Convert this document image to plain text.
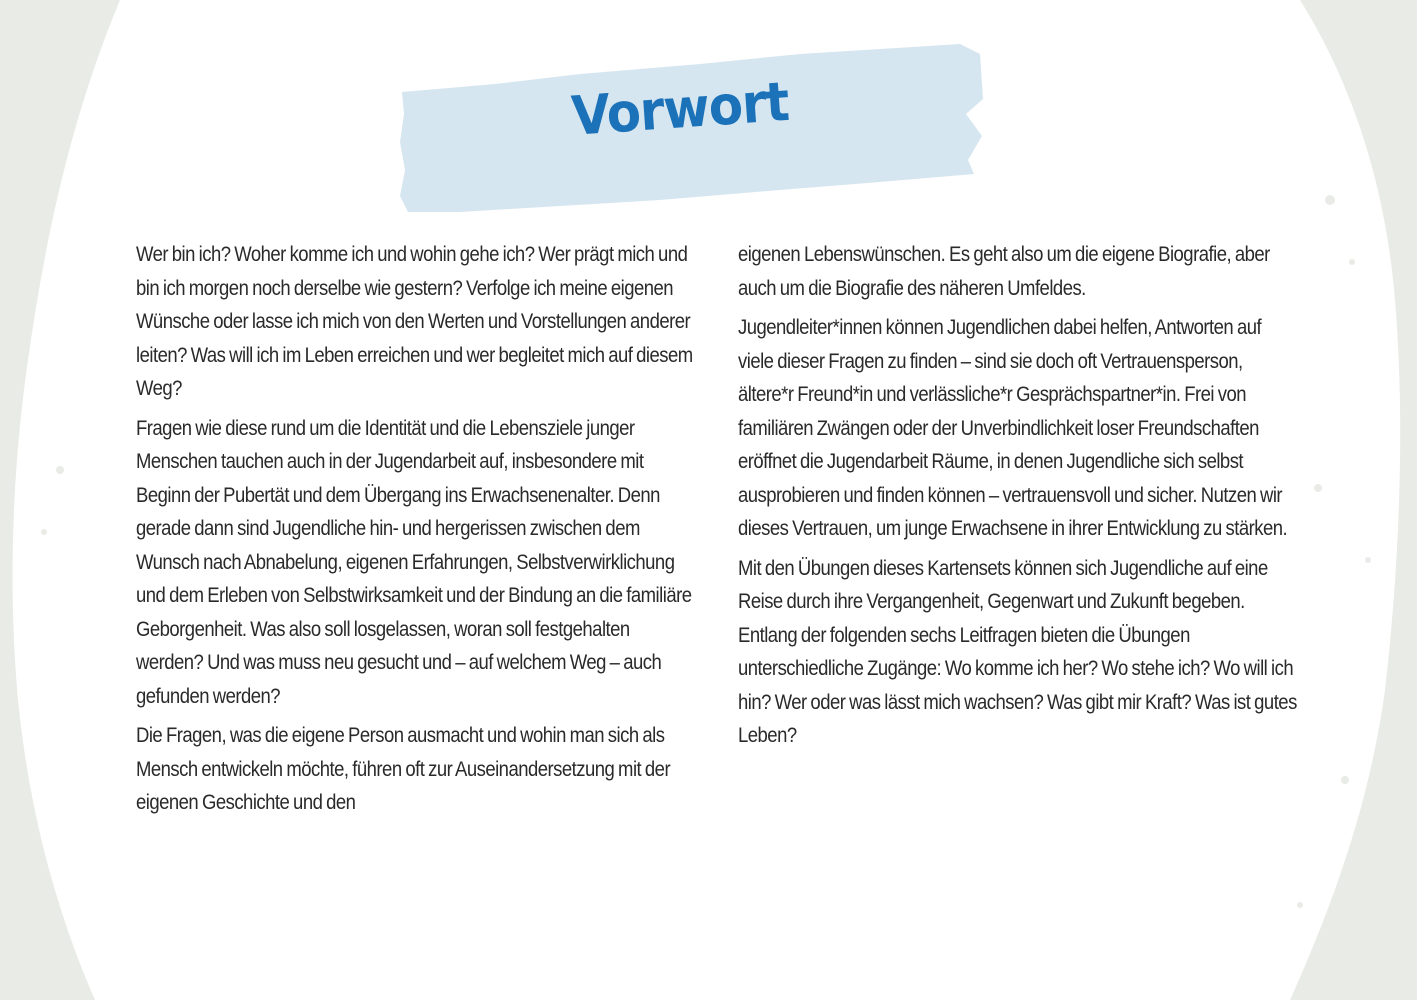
Vorwort

Wer bin ich? Woher komme ich und wohin gehe ich? Wer prägt mich und bin ich morgen noch derselbe wie gestern? Verfolge ich meine eigenen Wünsche oder lasse ich mich von den Werten und Vorstellungen anderer leiten? Was will ich im Leben erreichen und wer begleitet mich auf diesem Weg?

Fragen wie diese rund um die Identität und die Lebensziele junger Menschen tauchen auch in der Jugendarbeit auf, insbesondere mit Beginn der Pubertät und dem Übergang ins Erwachsenenalter. Denn gerade dann sind Jugendliche hin- und hergerissen zwischen dem Wunsch nach Abnabelung, eigenen Erfahrungen, Selbstverwirklichung und dem Erleben von Selbstwirksamkeit und der Bindung an die familiäre Geborgenheit. Was also soll losgelassen, woran soll festgehalten werden? Und was muss neu gesucht und – auf welchem Weg – auch gefunden werden?

Die Fragen, was die eigene Person ausmacht und wohin man sich als Mensch entwickeln möchte, führen oft zur Auseinandersetzung mit der eigenen Geschichte und den

eigenen Lebenswünschen. Es geht also um die eigene Biografie, aber auch um die Biografie des näheren Umfeldes.

Jugendleiter*innen können Jugendlichen dabei helfen, Antworten auf viele dieser Fragen zu finden – sind sie doch oft Vertrauensperson, ältere*r Freund*in und verlässliche*r Gesprächspartner*in. Frei von familiären Zwängen oder der Unverbindlichkeit loser Freundschaften eröffnet die Jugendarbeit Räume, in denen Jugendliche sich selbst ausprobieren und finden können – vertrauensvoll und sicher. Nutzen wir dieses Vertrauen, um junge Erwachsene in ihrer Entwicklung zu stärken.

Mit den Übungen dieses Kartensets können sich Jugendliche auf eine Reise durch ihre Vergangenheit, Gegenwart und Zukunft begeben. Entlang der folgenden sechs Leitfragen bieten die Übungen unterschiedliche Zugänge: Wo komme ich her? Wo stehe ich? Wo will ich hin? Wer oder was lässt mich wachsen? Was gibt mir Kraft? Was ist gutes Leben?
